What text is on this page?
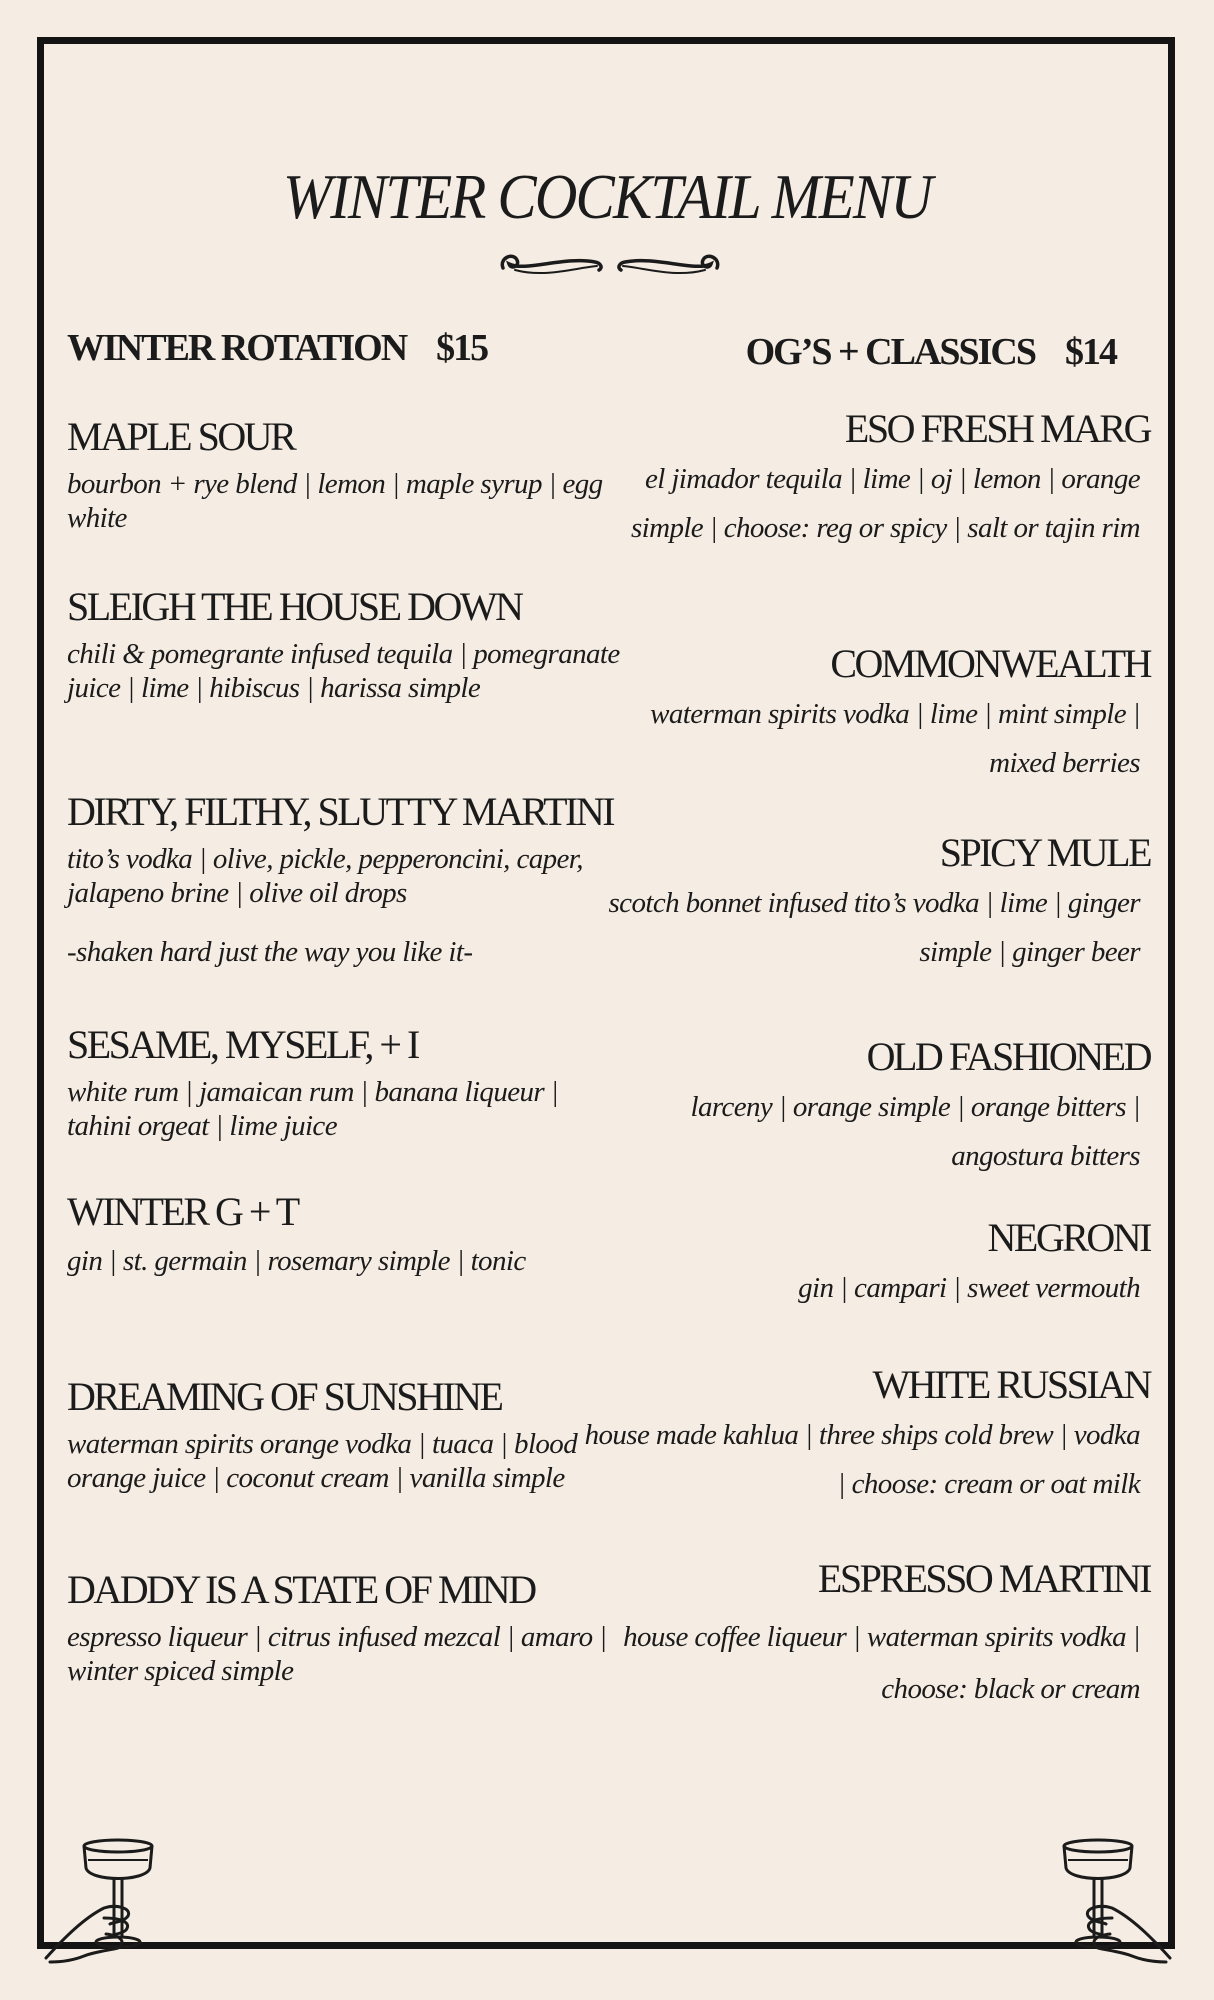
WINTER COCKTAIL MENU
WINTER ROTATION $15	OG’S + CLASSICS $14
MAPLE SOUR
bourbon + rye blend | lemon | maple syrup | egg white
SLEIGH THE HOUSE DOWN
chili & pomegrante infused tequila | pomegranate juice | lime | hibiscus | harissa simple
DIRTY, FILTHY, SLUTTY MARTINI
tito’s vodka | olive, pickle, pepperoncini, caper, jalapeno brine | olive oil drops
-shaken hard just the way you like it-
SESAME, MYSELF, + I
white rum | jamaican rum | banana liqueur | tahini orgeat | lime juice
WINTER G + T
gin | st. germain | rosemary simple | tonic
DREAMING OF SUNSHINE
waterman spirits orange vodka | tuaca | blood orange juice | coconut cream | vanilla simple
DADDY IS A STATE OF MIND
espresso liqueur | citrus infused mezcal | amaro | winter spiced simple
ESO FRESH MARG
el jimador tequila | lime | oj | lemon | orange simple | choose: reg or spicy | salt or tajin rim
COMMONWEALTH
waterman spirits vodka | lime | mint simple | mixed berries
SPICY MULE
scotch bonnet infused tito’s vodka | lime | ginger simple | ginger beer
OLD FASHIONED
larceny | orange simple | orange bitters | angostura bitters
NEGRONI
gin | campari | sweet vermouth
WHITE RUSSIAN
house made kahlua | three ships cold brew | vodka | choose: cream or oat milk
ESPRESSO MARTINI
house coffee liqueur | waterman spirits vodka | choose: black or cream
